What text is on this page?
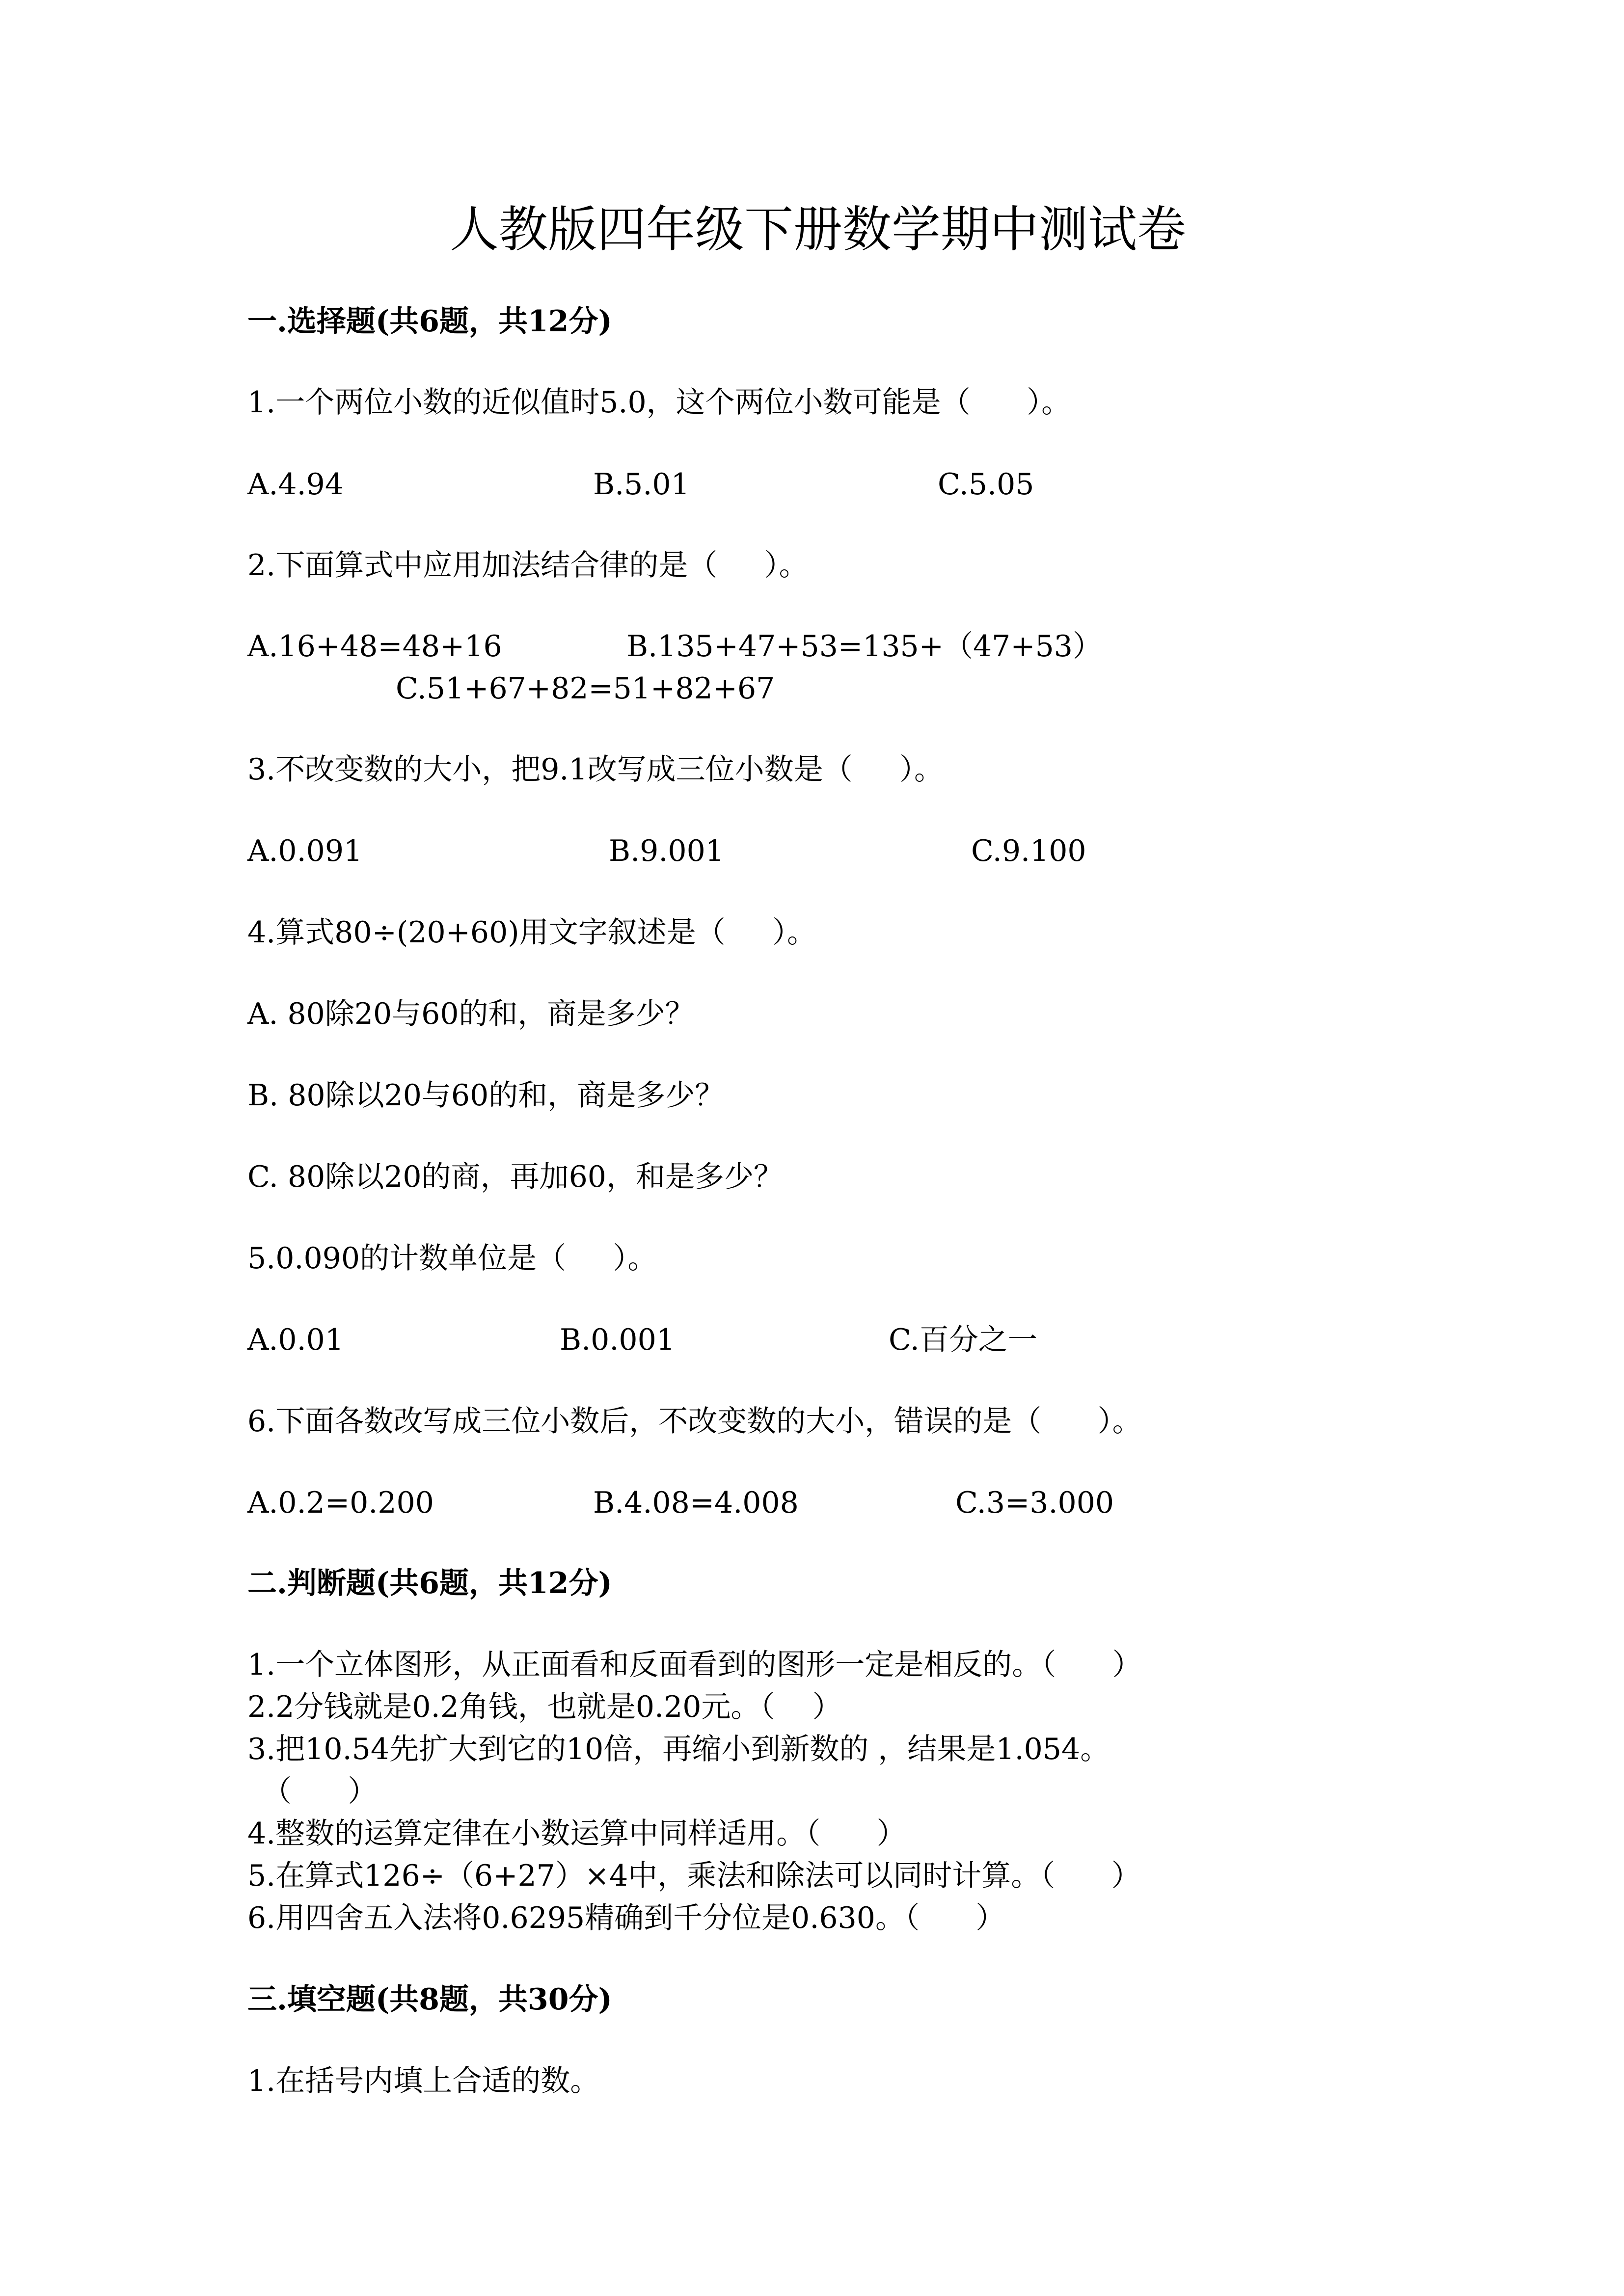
人教版四年级下册数学期中测试卷
一.选择题(共6题，共12分)
1.一个两位小数的近似值时5.0，这个两位小数可能是（      ）。
A.4.94	B.5.01	C.5.05
2.下面算式中应用加法结合律的是（     ）。
A.16+48=48+16	B.135+47+53=135+（47+53）
C.51+67+82=51+82+67
3.不改变数的大小，把9.1改写成三位小数是（     ）。
A.0.091	B.9.001	C.9.100
4.算式80÷(20+60)用文字叙述是（     ）。
A. 80除20与60的和，商是多少？
B. 80除以20与60的和，商是多少？
C. 80除以20的商，再加60，和是多少？
5.0.090的计数单位是（     ）。
A.0.01	B.0.001	C.百分之一
6.下面各数改写成三位小数后，不改变数的大小，错误的是（      ）。
A.0.2=0.200	B.4.08=4.008	C.3=3.000
二.判断题(共6题，共12分)
1.一个立体图形，从正面看和反面看到的图形一定是相反的。（      ）
2.2分钱就是0.2角钱，也就是0.20元。（    ）
3.把10.54先扩大到它的10倍，再缩小到新数的 ，结果是1.054。
（      ）
4.整数的运算定律在小数运算中同样适用。（      ）
5.在算式126÷（6+27）×4中，乘法和除法可以同时计算。（      ）
6.用四舍五入法将0.6295精确到千分位是0.630。（      ）
三.填空题(共8题，共30分)
1.在括号内填上合适的数。
